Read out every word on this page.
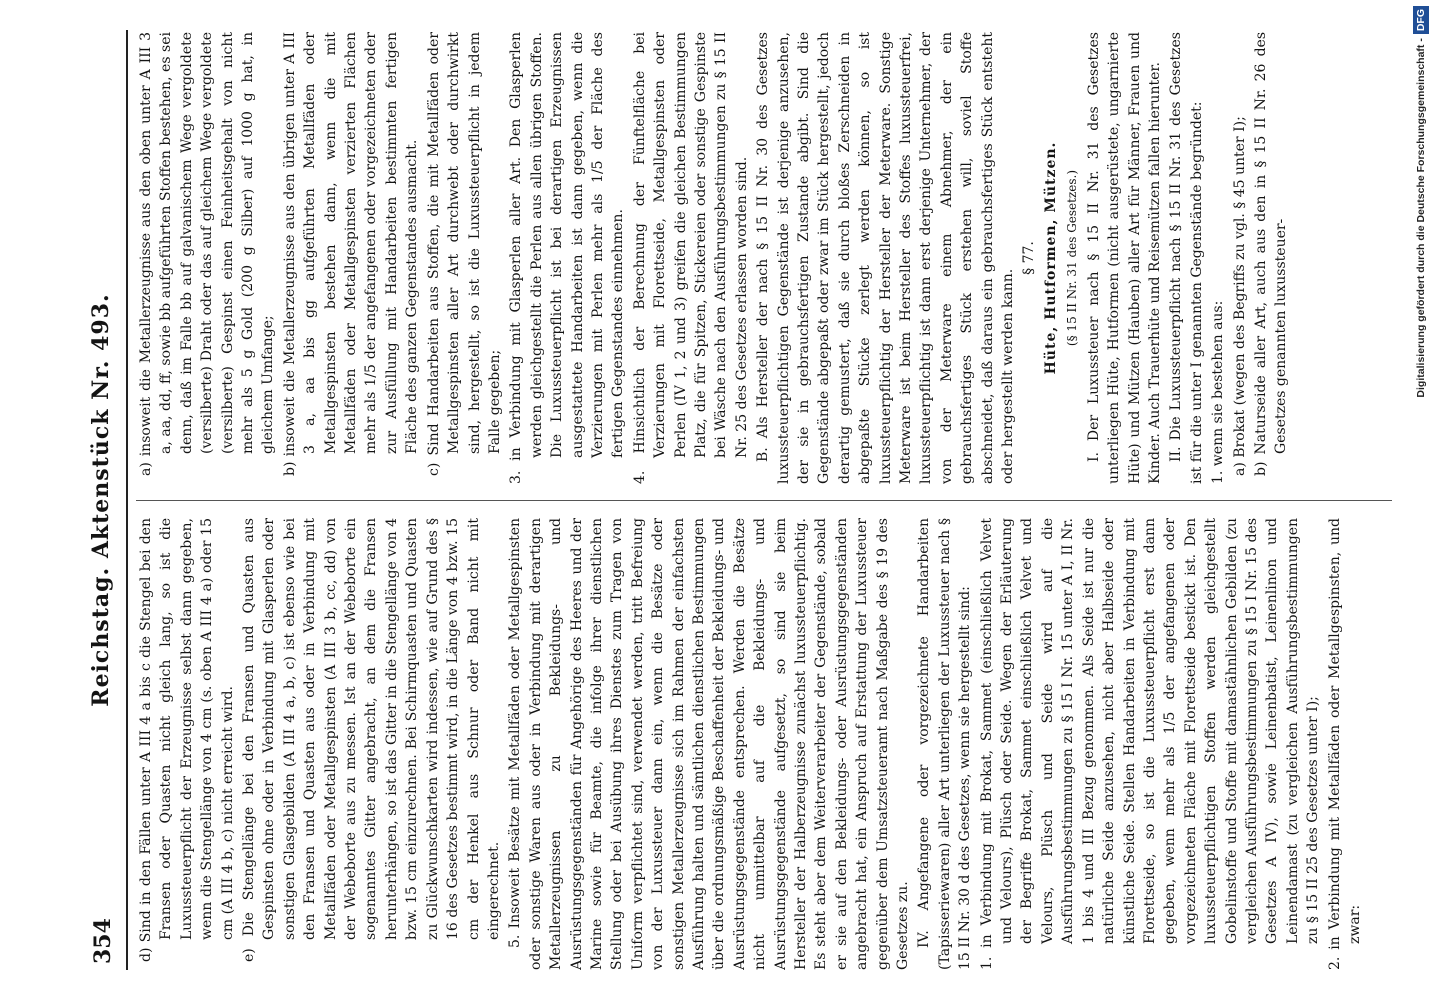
354
Reichstag. Aktenstück Nr. 493.

d) Sind in den Fällen unter A III 4 a bis c die Stengel bei den Fransen oder Quasten nicht gleich lang, so ist die Luxussteuerpflicht der Erzeugnisse selbst dann gegeben, wenn die Stengellänge von 4 cm (s. oben A III 4 a) oder 15 cm (A III 4 b, c) nicht erreicht wird. e) Die Stengellänge bei den Fransen und Quasten aus Gespinsten ohne oder in Verbindung mit Glasperlen oder sonstigen Glasgebilden (A III 4 a, b, c) ist ebenso wie bei den Fransen und Quasten aus oder in Verbindung mit Metallfäden oder Metallgespinsten (A III 3 b, cc, dd) von der Webeborte aus zu messen. Ist an der Webeborte ein sogenanntes Gitter angebracht, an dem die Fransen herunterhängen, so ist das Gitter in die Stengellänge von 4 bzw. 15 cm einzurechnen. Bei Schirmquasten und Quasten zu Glückwunschkarten wird indessen, wie auf Grund des § 16 des Gesetzes bestimmt wird, in die Länge von 4 bzw. 15 cm der Henkel aus Schnur oder Band nicht mit eingerechnet. 5. Insoweit Besätze mit Metallfäden oder Metallgespinsten oder sonstige Waren aus oder in Verbindung mit derartigen Metallerzeugnissen zu Bekleidungs- und Ausrüstungsgegenständen für Angehörige des Heeres und der Marine sowie für Beamte, die infolge ihrer dienstlichen Stellung oder bei Ausübung ihres Dienstes zum Tragen von Uniform verpflichtet sind, verwendet werden, tritt Befreiung von der Luxussteuer dann ein, wenn die Besätze oder sonstigen Metallerzeugnisse sich im Rahmen der einfachsten Ausführung halten und sämtlichen dienstlichen Bestimmungen über die ordnungsmäßige Beschaffenheit der Bekleidungs- und Ausrüstungsgegenstände entsprechen. Werden die Besätze nicht unmittelbar auf die Bekleidungs- und Ausrüstungsgegenstände aufgesetzt, so sind sie beim Hersteller der Halberzeugnisse zunächst luxussteuerpflichtig. Es steht aber dem Weiterverarbeiter der Gegenstände, sobald er sie auf den Bekleidungs- oder Ausrüstungsgegenständen angebracht hat, ein Anspruch auf Erstattung der Luxussteuer gegenüber dem Umsatzsteueramt nach Maßgabe des § 19 des Gesetzes zu. IV. Angefangene oder vorgezeichnete Handarbeiten (Tapisseriewaren) aller Art unterliegen der Luxussteuer nach § 15 II Nr. 30 d des Gesetzes, wenn sie hergestellt sind: 1. in Verbindung mit Brokat, Sammet (einschließlich Velvet und Velours), Plüsch oder Seide. Wegen der Erläuterung der Begriffe Brokat, Sammet einschließlich Velvet und Velours, Plüsch und Seide wird auf die Ausführungsbestimmungen zu § 15 I Nr. 15 unter A I, II Nr. 1 bis 4 und III Bezug genommen. Als Seide ist nur die natürliche Seide anzusehen, nicht aber Halbseide oder künstliche Seide. Stellen Handarbeiten in Verbindung mit Florettseide, so ist die Luxussteuerpflicht erst dann gegeben, wenn mehr als 1/5 der angefangenen oder vorgezeichneten Fläche mit Florettseide bestickt ist. Den luxussteuerpflichtigen Stoffen werden gleichgestellt Gobelinstoffe und Stoffe mit damastähnlichen Gebilden (zu vergleichen Ausführungsbestimmungen zu § 15 I Nr. 15 des Gesetzes A IV), sowie Leinenbatist, Leinenlinon und Leinendamast (zu vergleichen Ausführungsbestimmungen zu § 15 II 25 des Gesetzes unter I); 2. in Verbindung mit Metallfäden oder Metallgespinsten, und zwar:

a) insoweit die Metallerzeugnisse aus den oben unter A III 3 a, aa, dd, ff, sowie bb aufgeführten Stoffen bestehen, es sei denn, daß im Falle bb auf galvanischem Wege vergoldete (versilberte) Draht oder das auf gleichem Wege vergoldete (versilberte) Gespinst einen Feinheitsgehalt von nicht mehr als 5 g Gold (200 g Silber) auf 1000 g hat, in gleichem Umfange; b) insoweit die Metallerzeugnisse aus den übrigen unter A III 3 a, aa bis gg aufgeführten Metallfäden oder Metallgespinsten bestehen dann, wenn die mit Metallfäden oder Metallgespinsten verzierten Flächen mehr als 1/5 der angefangenen oder vorgezeichneten oder zur Ausfüllung mit Handarbeiten bestimmten fertigen Fläche des ganzen Gegenstandes ausmacht. c) Sind Handarbeiten aus Stoffen, die mit Metallfäden oder Metallgespinsten aller Art durchwebt oder durchwirkt sind, hergestellt, so ist die Luxussteuerpflicht in jedem Falle gegeben; 3. in Verbindung mit Glasperlen aller Art. Den Glasperlen werden gleichgestellt die Perlen aus allen übrigen Stoffen. Die Luxussteuerpflicht ist bei derartigen Erzeugnissen ausgestattete Handarbeiten ist dann gegeben, wenn die Verzierungen mit Perlen mehr als 1/5 der Fläche des fertigen Gegenstandes einnehmen. 4. Hinsichtlich der Berechnung der Fünftelfläche bei Verzierungen mit Florettseide, Metallgespinsten oder Perlen (IV 1, 2 und 3) greifen die gleichen Bestimmungen Platz, die für Spitzen, Stickereien oder sonstige Gespinste bei Wäsche nach den Ausführungsbestimmungen zu § 15 II Nr. 25 des Gesetzes erlassen worden sind. B. Als Hersteller der nach § 15 II Nr. 30 des Gesetzes luxussteuerpflichtigen Gegenstände ist derjenige anzusehen, der sie in gebrauchsfertigen Zustande abgibt. Sind die Gegenstände abgepaßt oder zwar im Stück hergestellt, jedoch derartig gemustert, daß sie durch bloßes Zerschneiden in abgepaßte Stücke zerlegt werden können, so ist luxussteuerpflichtig der Hersteller der Meterware. Sonstige Meterware ist beim Hersteller des Stoffes luxussteuerfrei, luxussteuerpflichtig ist dann erst derjenige Unternehmer, der von der Meterware einem Abnehmer, der ein gebrauchsfertiges Stück erstehen will, soviel Stoffe abschneidet, daß daraus ein gebrauchsfertiges Stück entsteht oder hergestellt werden kann.

§ 77. Hüte, Hutformen, Mützen. (§ 15 II Nr. 31 des Gesetzes.) I. Der Luxussteuer nach § 15 II Nr. 31 des Gesetzes unterliegen Hüte, Hutformen (nicht ausgerüstete, ungarnierte Hüte) und Mützen (Hauben) aller Art für Männer, Frauen und Kinder. Auch Trauerhüte und Reisemützen fallen hierunter. II. Die Luxussteuerpflicht nach § 15 II Nr. 31 des Gesetzes ist für die unter I genannten Gegenstände begründet: 1. wenn sie bestehen aus: a) Brokat (wegen des Begriffs zu vgl. § 45 unter I); b) Naturseide aller Art, auch aus den in § 15 II Nr. 26 des Gesetzes genannten luxussteuer-	Digitalisierung gefördert durch die Deutsche Forschungsgemeinschaft -DFG
